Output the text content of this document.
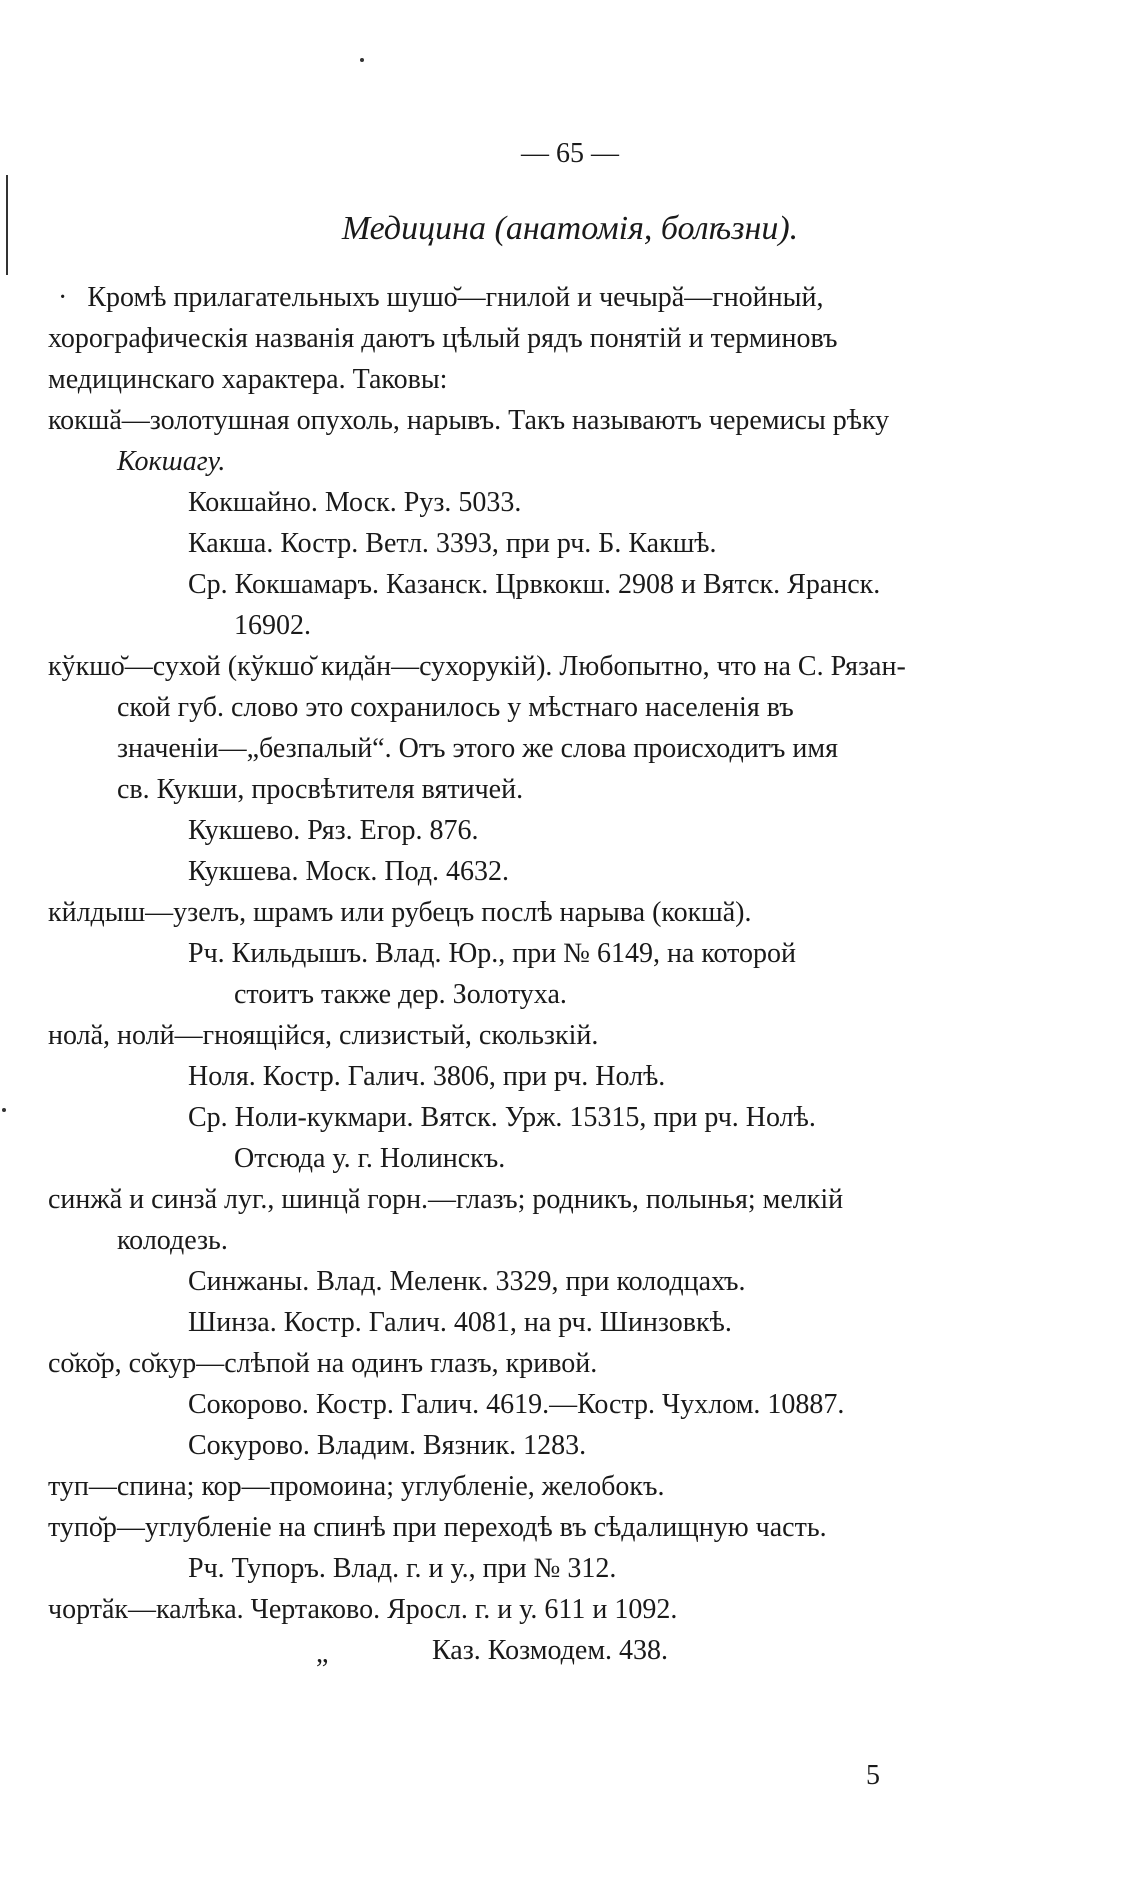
— 65 —
Медицина (анатомія, болѣзни).
· Кромѣ прилагательныхъ шушо̆—гнилой и чечырӑ—гнойный,
хорографическія названія даютъ цѣлый рядъ понятій и терминовъ
медицинскаго характера. Таковы:
кокшӑ—золотушная опухоль, нарывъ. Такъ называютъ черемисы рѣку
Кокшагу.
Кокшайно. Моск. Руз. 5033.
Какша. Костр. Ветл. 3393, при рч. Б. Какшѣ.
Ср. Кокшамаръ. Казанск. Црвкокш. 2908 и Вятск. Яранск.
16902.
кўкшо̆—сухой (кўкшо̆ кидӑн—сухорукій). Любопытно, что на С. Рязан-
ской губ. слово это сохранилось у мѣстнаго населенія въ
значеніи—„безпалый“. Отъ этого же слова происходитъ имя
св. Кукши, просвѣтителя вятичей.
Кукшево. Ряз. Егор. 876.
Кукшева. Моск. Под. 4632.
кйлдыш—узелъ, шрамъ или рубецъ послѣ нарыва (кокшӑ).
Рч. Кильдышъ. Влад. Юр., при № 6149, на которой
стоитъ также дер. Золотуха.
нолӑ, нолй—гноящійся, слизистый, скользкій.
Ноля. Костр. Галич. 3806, при рч. Нолѣ.
Ср. Ноли-кукмари. Вятск. Урж. 15315, при рч. Нолѣ.
Отсюда у. г. Нолинскъ.
синжӑ и синзӑ луг., шинцӑ горн.—глазъ; родникъ, полынья; мелкій
колодезь.
Синжаны. Влад. Меленк. 3329, при колодцахъ.
Шинза. Костр. Галич. 4081, на рч. Шинзовкѣ.
со̆ко̆р, со̆кур—слѣпой на одинъ глазъ, кривой.
Сокорово. Костр. Галич. 4619.—Костр. Чухлом. 10887.
Сокурово. Владим. Вязник. 1283.
туп—спина; кор—промоина; углубленіе, желобокъ.
тупо̆р—углубленіе на спинѣ при переходѣ въ сѣдалищную часть.
Рч. Тупоръ. Влад. г. и у., при № 312.
чортӑк—калѣка. Чертаково. Яросл. г. и у. 611 и 1092.
„	Каз. Козмодем. 438.
5
